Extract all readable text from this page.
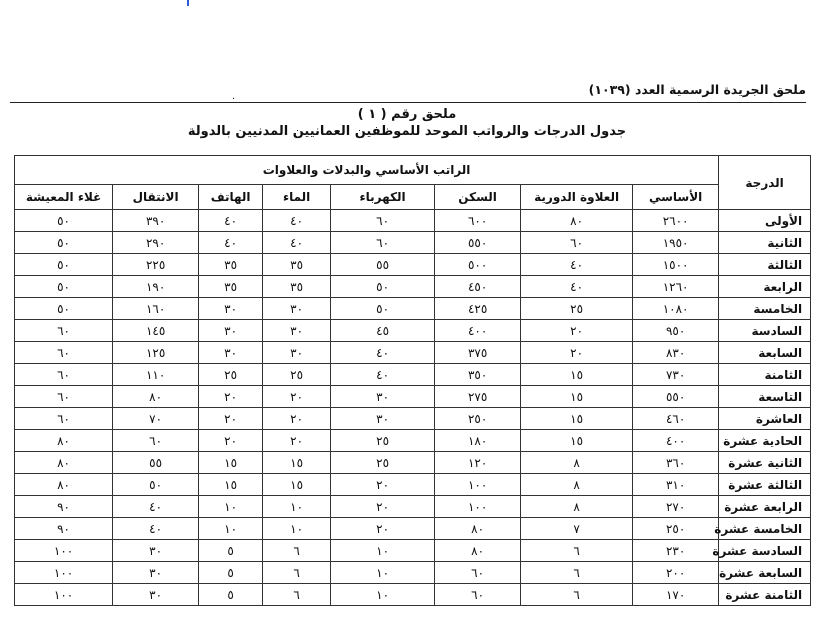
ملحق الجريدة الرسمية العدد (١٠٣٩)
.
ملحق رقم ( ١ )
جدول الدرجات والرواتب الموحد للموظفين العمانيين المدنيين بالدولة
الدرجة	الراتب الأساسي والبدلات والعلاوات							
	الأساسي	العلاوة الدورية	السكن	الكهرباء	الماء	الهاتف	الانتقال	غلاء المعيشة
الأولى	٢٦٠٠	٨٠	٦٠٠	٦٠	٤٠	٤٠	٣٩٠	٥٠
الثانية	١٩٥٠	٦٠	٥٥٠	٦٠	٤٠	٤٠	٢٩٠	٥٠
الثالثة	١٥٠٠	٤٠	٥٠٠	٥٥	٣٥	٣٥	٢٢٥	٥٠
الرابعة	١٢٦٠	٤٠	٤٥٠	٥٠	٣٥	٣٥	١٩٠	٥٠
الخامسة	١٠٨٠	٢٥	٤٢٥	٥٠	٣٠	٣٠	١٦٠	٥٠
السادسة	٩٥٠	٢٠	٤٠٠	٤٥	٣٠	٣٠	١٤٥	٦٠
السابعة	٨٣٠	٢٠	٣٧٥	٤٠	٣٠	٣٠	١٢٥	٦٠
الثامنة	٧٣٠	١٥	٣٥٠	٤٠	٢٥	٢٥	١١٠	٦٠
التاسعة	٥٥٠	١٥	٢٧٥	٣٠	٢٠	٢٠	٨٠	٦٠
العاشرة	٤٦٠	١٥	٢٥٠	٣٠	٢٠	٢٠	٧٠	٦٠
الحادية عشرة	٤٠٠	١٥	١٨٠	٢٥	٢٠	٢٠	٦٠	٨٠
الثانية عشرة	٣٦٠	٨	١٢٠	٢٥	١٥	١٥	٥٥	٨٠
الثالثة عشرة	٣١٠	٨	١٠٠	٢٠	١٥	١٥	٥٠	٨٠
الرابعة عشرة	٢٧٠	٨	١٠٠	٢٠	١٠	١٠	٤٠	٩٠
الخامسة عشرة	٢٥٠	٧	٨٠	٢٠	١٠	١٠	٤٠	٩٠
السادسة عشرة	٢٣٠	٦	٨٠	١٠	٦	٥	٣٠	١٠٠
السابعة عشرة	٢٠٠	٦	٦٠	١٠	٦	٥	٣٠	١٠٠
الثامنة عشرة	١٧٠	٦	٦٠	١٠	٦	٥	٣٠	١٠٠
